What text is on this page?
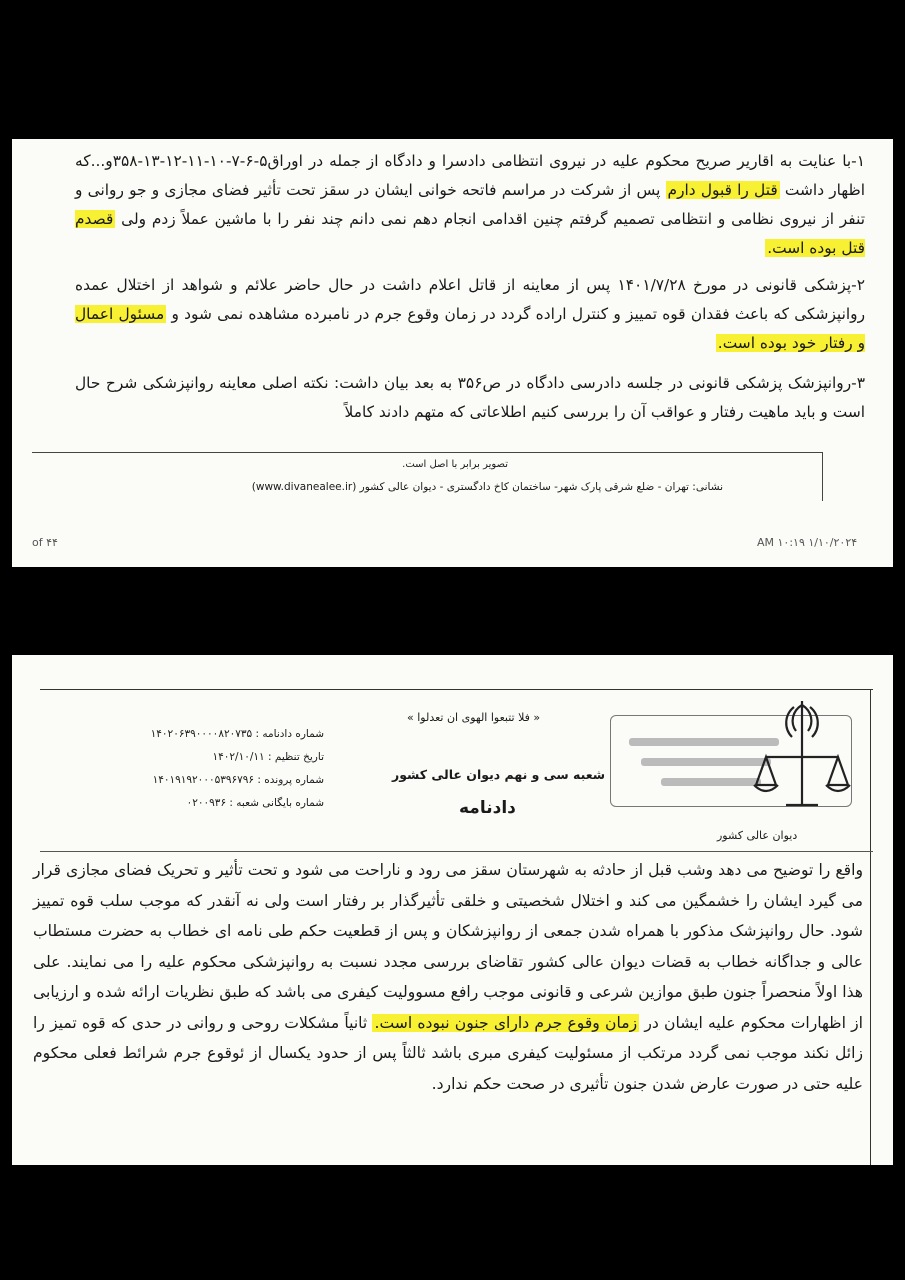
۱-با عنایت به اقاریر صریح محکوم علیه در نیروی انتظامی دادسرا و دادگاه از جمله در اوراق۵-۶-۷-۱۰-۱۱-۱۲-۱۳-۳۵۸و...که اظهار داشت قتل را قبول دارم پس از شرکت در مراسم فاتحه خوانی ایشان در سقز تحت تأثیر فضای مجازی و جو روانی و تنفر از نیروی نظامی و انتظامی تصمیم گرفتم چنین اقدامی انجام دهم نمی دانم چند نفر را با ماشین عملاً زدم ولی قصدم قتل بوده است.
۲-پزشکی قانونی در مورخ ۱۴۰۱/۷/۲۸ پس از معاینه از قاتل اعلام داشت در حال حاضر علائم و شواهد از اختلال عمده روانپزشکی که باعث فقدان قوه تمییز و کنترل اراده گردد در زمان وقوع جرم در نامبرده مشاهده نمی شود و مسئول اعمال و رفتار خود بوده است.
۳-روانپزشک پزشکی قانونی در جلسه دادرسی دادگاه در ص۳۵۶ به بعد بیان داشت: نکته اصلی معاینه روانپزشکی شرح حال است و باید ماهیت رفتار و عواقب آن را بررسی کنیم اطلاعاتی که متهم دادند کاملاً
تصویر برابر با اصل است.
نشانی: تهران - ضلع شرقی پارک شهر- ساختمان کاخ دادگستری - دیوان عالی کشور (www.divanealee.ir)
of ۴۴	۱/۱۰/۲۰۲۴ ۱۰:۱۹ AM
شماره دادنامه : ۱۴۰۲۰۶۳۹۰۰۰۰۸۲۰۷۳۵
تاریخ تنظیم : ۱۴۰۲/۱۰/۱۱
شماره پرونده : ۱۴۰۱۹۱۹۲۰۰۰۵۳۹۶۷۹۶
شماره بایگانی شعبه : ۰۲۰۰۹۳۶
« فلا تتبعوا الهوی ان تعدلوا »
شعبه سی و نهم دیوان عالی کشور
دادنامه
دیوان عالی کشور
واقع را توضیح می دهد وشب قبل از حادثه به شهرستان سقز می رود و ناراحت می شود و تحت تأثیر و تحریک فضای مجازی قرار می گیرد ایشان را خشمگین می کند و اختلال شخصیتی و خلقی تأثیرگذار بر رفتار است ولی نه آنقدر که موجب سلب قوه تمییز شود. حال روانپزشک مذکور با همراه شدن جمعی از روانپزشکان و پس از قطعیت حکم طی نامه ای خطاب به حضرت مستطاب عالی و جداگانه خطاب به قضات دیوان عالی کشور تقاضای بررسی مجدد نسبت به روانپزشکی محکوم علیه را می نمایند. علی هذا اولاً منحصراً جنون طبق موازین شرعی و قانونی موجب رافع مسوولیت کیفری می باشد که طبق نظریات ارائه شده و ارزیابی از اظهارات محکوم علیه ایشان در زمان وقوع جرم دارای جنون نبوده است. ثانیاً مشکلات روحی و روانی در حدی که قوه تمیز را زائل نکند موجب نمی گردد مرتکب از مسئولیت کیفری مبری باشد ثالثاً پس از حدود یکسال از ئوقوع جرم شرائط فعلی محکوم علیه حتی در صورت عارض شدن جنون تأثیری در صحت حکم ندارد.
